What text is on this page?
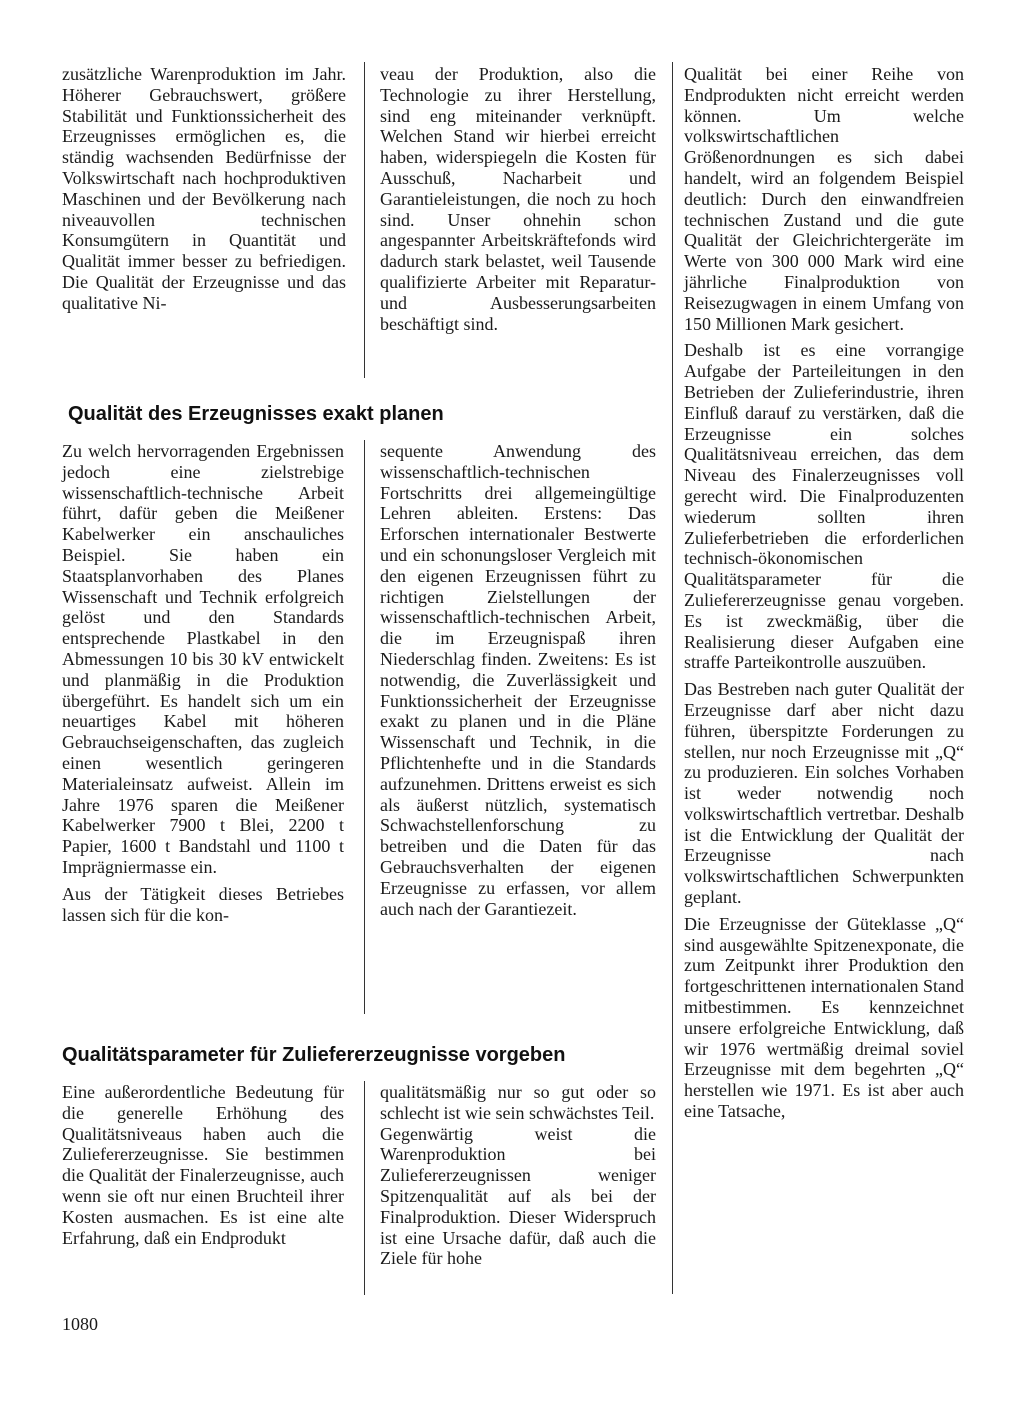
zusätzliche Warenproduktion im Jahr. Höherer Gebrauchswert, größere Stabilität und Funktionssicherheit des Erzeugnisses ermöglichen es, die ständig wachsenden Bedürfnisse der Volkswirtschaft nach hochproduktiven Maschinen und der Bevölkerung nach niveauvollen technischen Konsumgütern in Quantität und Qualität immer besser zu befriedigen. Die Qualität der Erzeugnisse und das qualitative Ni-

veau der Produktion, also die Technologie zu ihrer Herstellung, sind eng miteinander verknüpft. Welchen Stand wir hierbei erreicht haben, widerspiegeln die Kosten für Ausschuß, Nacharbeit und Garantieleistungen, die noch zu hoch sind. Unser ohnehin schon angespannter Arbeitskräftefonds wird dadurch stark belastet, weil Tausende qualifizierte Arbeiter mit Reparatur- und Ausbesserungsarbeiten beschäftigt sind.

Qualität des Erzeugnisses exakt planen

Zu welch hervorragenden Ergebnissen jedoch eine zielstrebige wissenschaftlich-technische Arbeit führt, dafür geben die Meißener Kabelwerker ein anschauliches Beispiel. Sie haben ein Staatsplanvorhaben des Planes Wissenschaft und Technik erfolgreich gelöst und den Standards entsprechende Plastkabel in den Abmessungen 10 bis 30 kV entwickelt und planmäßig in die Produktion übergeführt. Es handelt sich um ein neuartiges Kabel mit höheren Gebrauchseigenschaften, das zugleich einen wesentlich geringeren Materialeinsatz aufweist. Allein im Jahre 1976 sparen die Meißener Kabelwerker 7900 t Blei, 2200 t Papier, 1600 t Bandstahl und 1100 t Imprägniermasse ein.

Aus der Tätigkeit dieses Betriebes lassen sich für die kon-

sequente Anwendung des wissenschaftlich-technischen Fortschritts drei allgemeingültige Lehren ableiten. Erstens: Das Erforschen internationaler Bestwerte und ein schonungsloser Vergleich mit den eigenen Erzeugnissen führt zu richtigen Zielstellungen der wissenschaftlich-technischen Arbeit, die im Erzeugnispaß ihren Niederschlag finden. Zweitens: Es ist notwendig, die Zuverlässigkeit und Funktionssicherheit der Erzeugnisse exakt zu planen und in die Pläne Wissenschaft und Technik, in die Pflichtenhefte und in die Standards aufzunehmen. Drittens erweist es sich als äußerst nützlich, systematisch Schwachstellenforschung zu betreiben und die Daten für das Gebrauchsverhalten der eigenen Erzeugnisse zu erfassen, vor allem auch nach der Garantiezeit.

Qualitätsparameter für Zuliefererzeugnisse vorgeben

Eine außerordentliche Bedeutung für die generelle Erhöhung des Qualitätsniveaus haben auch die Zuliefererzeugnisse. Sie bestimmen die Qualität der Finalerzeugnisse, auch wenn sie oft nur einen Bruchteil ihrer Kosten ausmachen. Es ist eine alte Erfahrung, daß ein Endprodukt

qualitätsmäßig nur so gut oder so schlecht ist wie sein schwächstes Teil.

Gegenwärtig weist die Warenproduktion bei Zuliefererzeugnissen weniger Spitzenqualität auf als bei der Finalproduktion. Dieser Widerspruch ist eine Ursache dafür, daß auch die Ziele für hohe

Qualität bei einer Reihe von Endprodukten nicht erreicht werden können. Um welche volkswirtschaftlichen Größenordnungen es sich dabei handelt, wird an folgendem Beispiel deutlich: Durch den einwandfreien technischen Zustand und die gute Qualität der Gleichrichtergeräte im Werte von 300 000 Mark wird eine jährliche Finalproduktion von Reisezugwagen in einem Umfang von 150 Millionen Mark gesichert.

Deshalb ist es eine vorrangige Aufgabe der Parteileitungen in den Betrieben der Zulieferindustrie, ihren Einfluß darauf zu verstärken, daß die Erzeugnisse ein solches Qualitätsniveau erreichen, das dem Niveau des Finalerzeugnisses voll gerecht wird. Die Finalproduzenten wiederum sollten ihren Zulieferbetrieben die erforderlichen technisch-ökonomischen Qualitätsparameter für die Zuliefererzeugnisse genau vorgeben. Es ist zweckmäßig, über die Realisierung dieser Aufgaben eine straffe Parteikontrolle auszuüben.

Das Bestreben nach guter Qualität der Erzeugnisse darf aber nicht dazu führen, überspitzte Forderungen zu stellen, nur noch Erzeugnisse mit „Q“ zu produzieren. Ein solches Vorhaben ist weder notwendig noch volkswirtschaftlich vertretbar. Deshalb ist die Entwicklung der Qualität der Erzeugnisse nach volkswirtschaftlichen Schwerpunkten geplant.

Die Erzeugnisse der Güteklasse „Q“ sind ausgewählte Spitzenexponate, die zum Zeitpunkt ihrer Produktion den fortgeschrittenen internationalen Stand mitbestimmen. Es kennzeichnet unsere erfolgreiche Entwicklung, daß wir 1976 wertmäßig dreimal soviel Erzeugnisse mit dem begehrten „Q“ herstellen wie 1971. Es ist aber auch eine Tatsache,

1080
